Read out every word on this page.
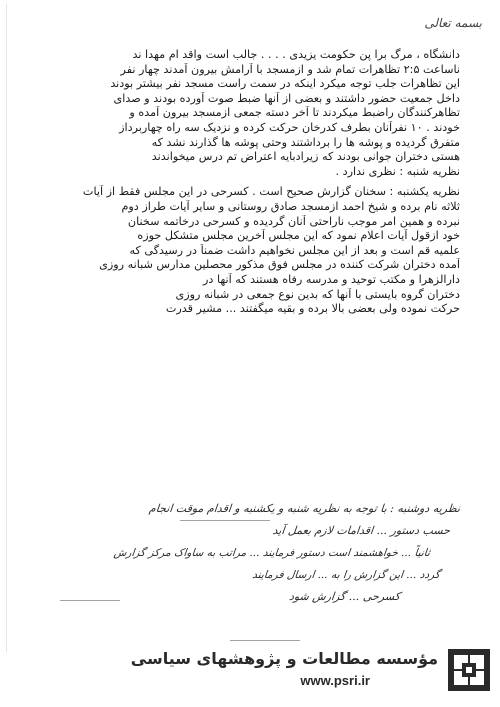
بسمه تعالی
دانشگاه ، مرگ برا پن حکومت یزیدی . . . . جالب است واقد ام مهدا ند
ناساعت ۲:۵ تظاهرات تمام شد و ازمسجد با آرامش بیرون آمدند چهار نفر
این تظاهرات جلب توجه میکرد اینکه در سمت راست مسجد نفر بیشتر بودند
داخل جمعیت حضور داشتند و بعضی از آنها ضبط صوت آورده بودند و صدای
تظاهرکنندگان راضبط میکردند تا آخر دسته جمعی ازمسجد بیرون آمده و
خودند . ۱۰ نفرآنان بطرف کدرخان حرکت کرده و نزدیک سه راه چهاربرداز
متفرق گردیده و پوشه ها را برداشتند وحتی پوشه ها گذارند نشد که
هستی دختران جوانی بودند که زیرادبایه اعتراض تم درس میخواندند
نظریه شنبه : نظری ندارد .
نظریه یکشنبه : سخنان گزارش صحیح است . کسرحی در این مجلس فقط از آیات
ثلاثه نام برده و شیخ احمد ازمسجد صادق روستانی و سایر آیات طراز دوم
نبرده و همین امر موجب ناراحتی آنان گردیده و کسرحی درخاتمه سخنان
خود ازقول آیات اعلام نمود که این مجلس آخرین مجلس متشکل حوزه
علمیه قم است و بعد از این مجلس نخواهیم داشت ضمناً در رسیدگی که
آمده دختران شرکت کننده در مجلس فوق مذکور محصلین مدارس شبانه روزی
دارالزهرا و مکتب توحید و مدرسه رفاه هستند که آنها در
دختران گروه بایستی با آنها که بدین نوع جمعی در شبانه روزی
حرکت نموده ولی بعضی بالا برده و بقیه میگفتند ... مشیر قدرت
نظریه دوشنبه : با توجه به نظریه شنبه و یکشنبه و اقدام موقت انجام
حسب دستور ... اقدامات لازم بعمل آید
ثانیاً ... خواهشمند است دستور فرمایند ... مراتب به ساواک مرکز گزارش
گردد ... این گزارش را به ... ارسال فرمایند
کسرحی ... گزارش شود
مؤسسه مطالعات و پژوهشهای سیاسی
www.psri.ir
